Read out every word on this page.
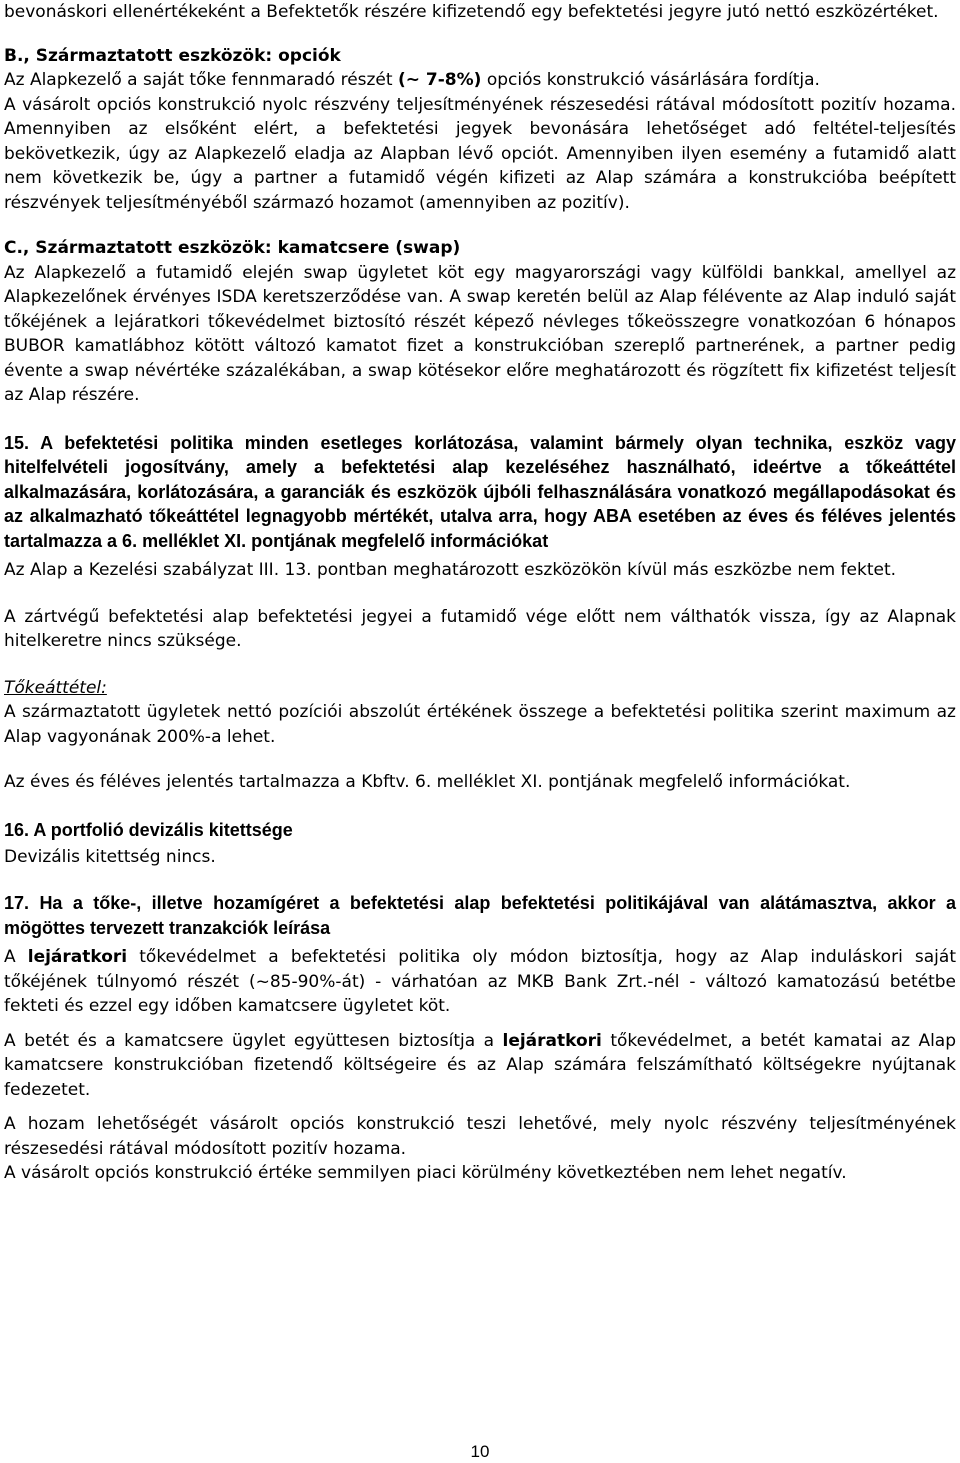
bevonáskori ellenértékeként a Befektetők részére kifizetendő egy befektetési jegyre jutó nettó eszközértéket.

B., Származtatott eszközök: opciók

Az Alapkezelő a saját tőke fennmaradó részét (~ 7-8%) opciós konstrukció vásárlására fordítja.

A vásárolt opciós konstrukció nyolc részvény teljesítményének részesedési rátával módosított pozitív hozama. Amennyiben az elsőként elért, a befektetési jegyek bevonására lehetőséget adó feltétel-teljesítés bekövetkezik, úgy az Alapkezelő eladja az Alapban lévő opciót. Amennyiben ilyen esemény a futamidő alatt nem következik be, úgy a partner a futamidő végén kifizeti az Alap számára a konstrukcióba beépített részvények teljesítményéből származó hozamot (amennyiben az pozitív).

C., Származtatott eszközök: kamatcsere (swap)

Az Alapkezelő a futamidő elején swap ügyletet köt egy magyarországi vagy külföldi bankkal, amellyel az Alapkezelőnek érvényes ISDA keretszerződése van. A swap keretén belül az Alap félévente az Alap induló saját tőkéjének a lejáratkori tőkevédelmet biztosító részét képező névleges tőkeösszegre vonatkozóan 6 hónapos BUBOR kamatlábhoz kötött változó kamatot fizet a konstrukcióban szereplő partnerének, a partner pedig évente a swap névértéke százalékában, a swap kötésekor előre meghatározott és rögzített fix kifizetést teljesít az Alap részére.

15. A befektetési politika minden esetleges korlátozása, valamint bármely olyan technika, eszköz vagy hitelfelvételi jogosítvány, amely a befektetési alap kezeléséhez használható, ideértve a tőkeáttétel alkalmazására, korlátozására, a garanciák és eszközök újbóli felhasználására vonatkozó megállapodásokat és az alkalmazható tőkeáttétel legnagyobb mértékét, utalva arra, hogy ABA esetében az éves és féléves jelentés tartalmazza a 6. melléklet XI. pontjának megfelelő információkat

Az Alap a Kezelési szabályzat III. 13. pontban meghatározott eszközökön kívül más eszközbe nem fektet.

A zártvégű befektetési alap befektetési jegyei a futamidő vége előtt nem válthatók vissza, így az Alapnak hitelkeretre nincs szüksége.

Tőkeáttétel:

A származtatott ügyletek nettó pozíciói abszolút értékének összege a befektetési politika szerint maximum az Alap vagyonának 200%-a lehet.

Az éves és féléves jelentés tartalmazza a Kbftv. 6. melléklet XI. pontjának megfelelő információkat.

16. A portfolió devizális kitettsége

Devizális kitettség nincs.

17. Ha a tőke-, illetve hozamígéret a befektetési alap befektetési politikájával van alátámasztva, akkor a mögöttes tervezett tranzakciók leírása

A lejáratkori tőkevédelmet a befektetési politika oly módon biztosítja, hogy az Alap induláskori saját tőkéjének túlnyomó részét (~85-90%-át) - várhatóan az MKB Bank Zrt.-nél - változó kamatozású betétbe fekteti és ezzel egy időben kamatcsere ügyletet köt.

A betét és a kamatcsere ügylet együttesen biztosítja a lejáratkori tőkevédelmet, a betét kamatai az Alap kamatcsere konstrukcióban fizetendő költségeire és az Alap számára felszámítható költségekre nyújtanak fedezetet.

A hozam lehetőségét vásárolt opciós konstrukció teszi lehetővé, mely nyolc részvény teljesítményének részesedési rátával módosított pozitív hozama.

A vásárolt opciós konstrukció értéke semmilyen piaci körülmény következtében nem lehet negatív.

10
